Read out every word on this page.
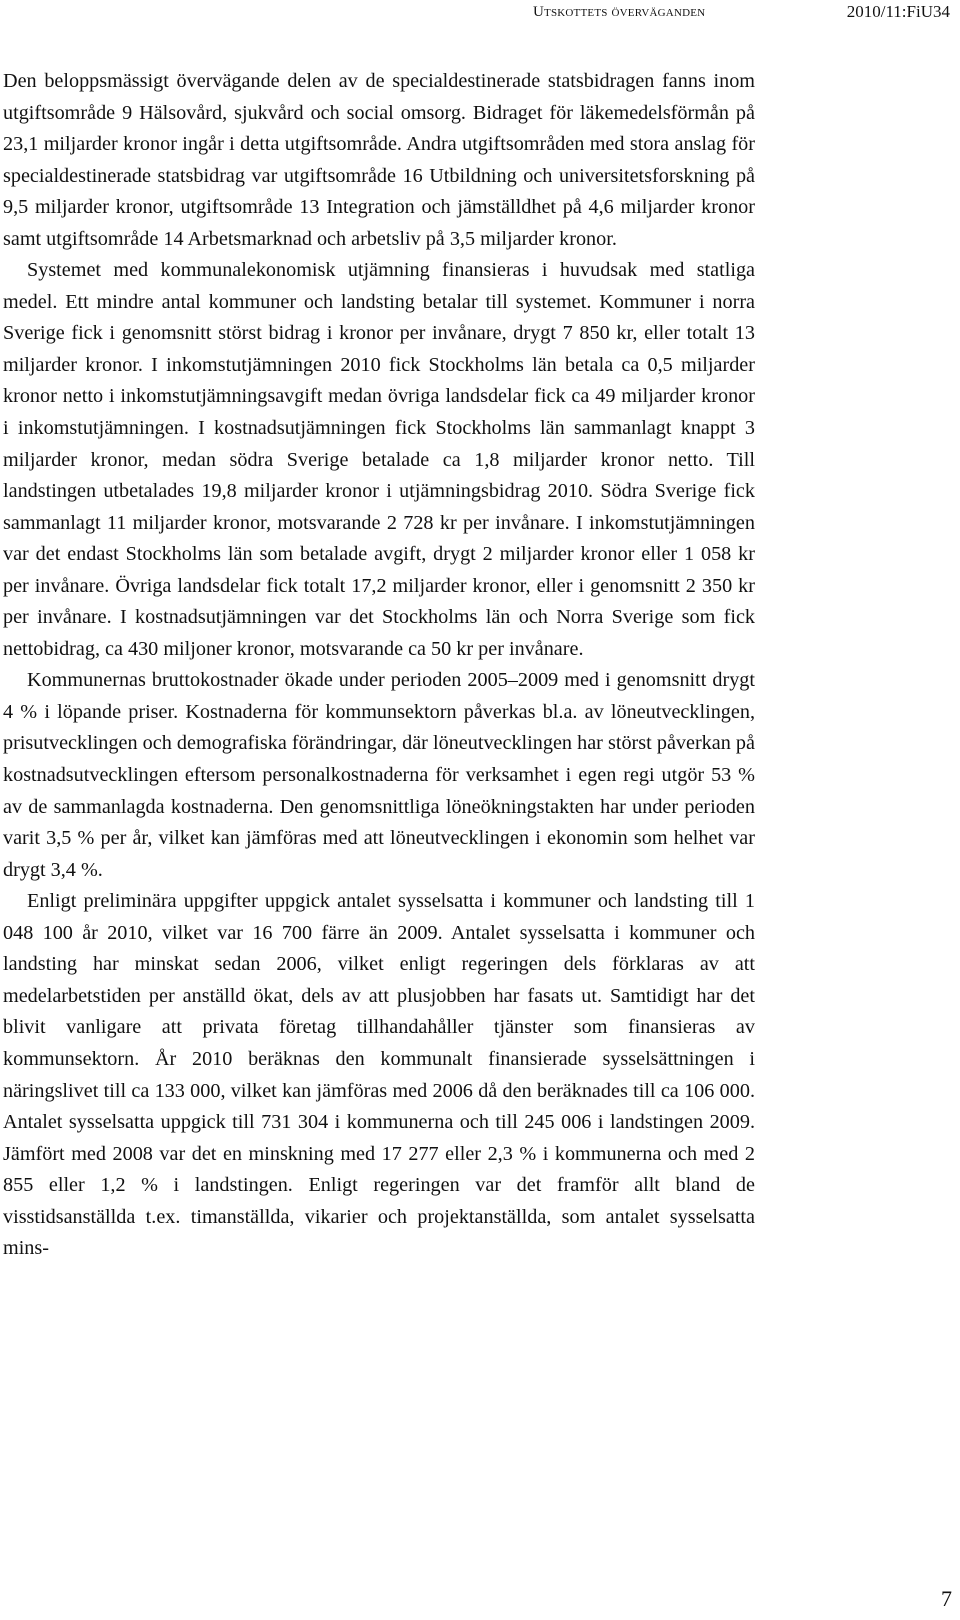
Utskottets överväganden	2010/11:FiU34

Den beloppsmässigt övervägande delen av de specialdestinerade statsbidragen fanns inom utgiftsområde 9 Hälsovård, sjukvård och social omsorg. Bidraget för läkemedelsförmån på 23,1 miljarder kronor ingår i detta utgiftsområde. Andra utgiftsområden med stora anslag för specialdestinerade statsbidrag var utgiftsområde 16 Utbildning och universitetsforskning på 9,5 miljarder kronor, utgiftsområde 13 Integration och jämställdhet på 4,6 miljarder kronor samt utgiftsområde 14 Arbetsmarknad och arbetsliv på 3,5 miljarder kronor.

Systemet med kommunalekonomisk utjämning finansieras i huvudsak med statliga medel. Ett mindre antal kommuner och landsting betalar till systemet. Kommuner i norra Sverige fick i genomsnitt störst bidrag i kronor per invånare, drygt 7 850 kr, eller totalt 13 miljarder kronor. I inkomstutjämningen 2010 fick Stockholms län betala ca 0,5 miljarder kronor netto i inkomstutjämningsavgift medan övriga landsdelar fick ca 49 miljarder kronor i inkomstutjämningen. I kostnadsutjämningen fick Stockholms län sammanlagt knappt 3 miljarder kronor, medan södra Sverige betalade ca 1,8 miljarder kronor netto. Till landstingen utbetalades 19,8 miljarder kronor i utjämningsbidrag 2010. Södra Sverige fick sammanlagt 11 miljarder kronor, motsvarande 2 728 kr per invånare. I inkomstutjämningen var det endast Stockholms län som betalade avgift, drygt 2 miljarder kronor eller 1 058 kr per invånare. Övriga landsdelar fick totalt 17,2 miljarder kronor, eller i genomsnitt 2 350 kr per invånare. I kostnadsutjämningen var det Stockholms län och Norra Sverige som fick nettobidrag, ca 430 miljoner kronor, motsvarande ca 50 kr per invånare.

Kommunernas bruttokostnader ökade under perioden 2005–2009 med i genomsnitt drygt 4 % i löpande priser. Kostnaderna för kommunsektorn påverkas bl.a. av löneutvecklingen, prisutvecklingen och demografiska förändringar, där löneutvecklingen har störst påverkan på kostnadsutvecklingen eftersom personalkostnaderna för verksamhet i egen regi utgör 53 % av de sammanlagda kostnaderna. Den genomsnittliga löneökningstakten har under perioden varit 3,5 % per år, vilket kan jämföras med att löneutvecklingen i ekonomin som helhet var drygt 3,4 %.

Enligt preliminära uppgifter uppgick antalet sysselsatta i kommuner och landsting till 1 048 100 år 2010, vilket var 16 700 färre än 2009. Antalet sysselsatta i kommuner och landsting har minskat sedan 2006, vilket enligt regeringen dels förklaras av att medelarbetstiden per anställd ökat, dels av att plusjobben har fasats ut. Samtidigt har det blivit vanligare att privata företag tillhandahåller tjänster som finansieras av kommunsektorn. År 2010 beräknas den kommunalt finansierade sysselsättningen i näringslivet till ca 133 000, vilket kan jämföras med 2006 då den beräknades till ca 106 000. Antalet sysselsatta uppgick till 731 304 i kommunerna och till 245 006 i landstingen 2009. Jämfört med 2008 var det en minskning med 17 277 eller 2,3 % i kommunerna och med 2 855 eller 1,2 % i landstingen. Enligt regeringen var det framför allt bland de visstidsanställda t.ex. timanställda, vikarier och projektanställda, som antalet sysselsatta mins-

7
